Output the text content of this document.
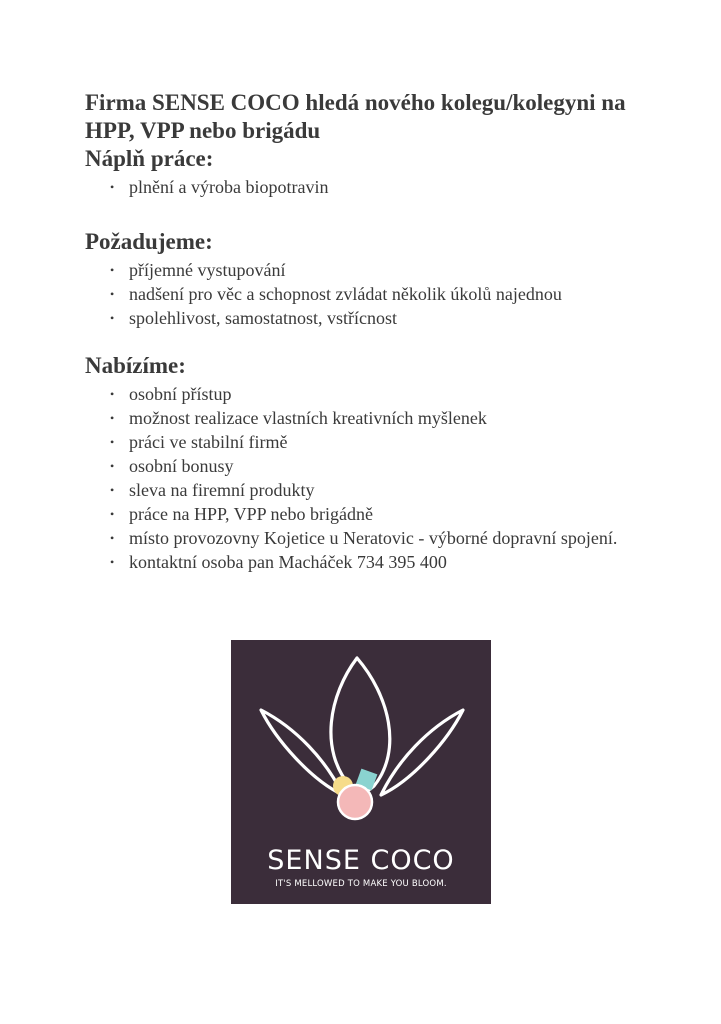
Firma SENSE COCO hledá nového kolegu/kolegyni na HPP, VPP nebo brigádu
Náplň práce:
• plnění a výroba biopotravin
Požadujeme:
• příjemné vystupování
• nadšení pro věc a schopnost zvládat několik úkolů najednou
• spolehlivost, samostatnost, vstřícnost
Nabízíme:
• osobní přístup
• možnost realizace vlastních kreativních myšlenek
• práci ve stabilní firmě
• osobní bonusy
• sleva na firemní produkty
• práce na HPP, VPP nebo brigádně
• místo provozovny Kojetice u Neratovic - výborné dopravní spojení.
• kontaktní osoba pan Macháček 734 395 400
SENSE COCO
IT'S MELLOWED TO MAKE YOU BLOOM.
